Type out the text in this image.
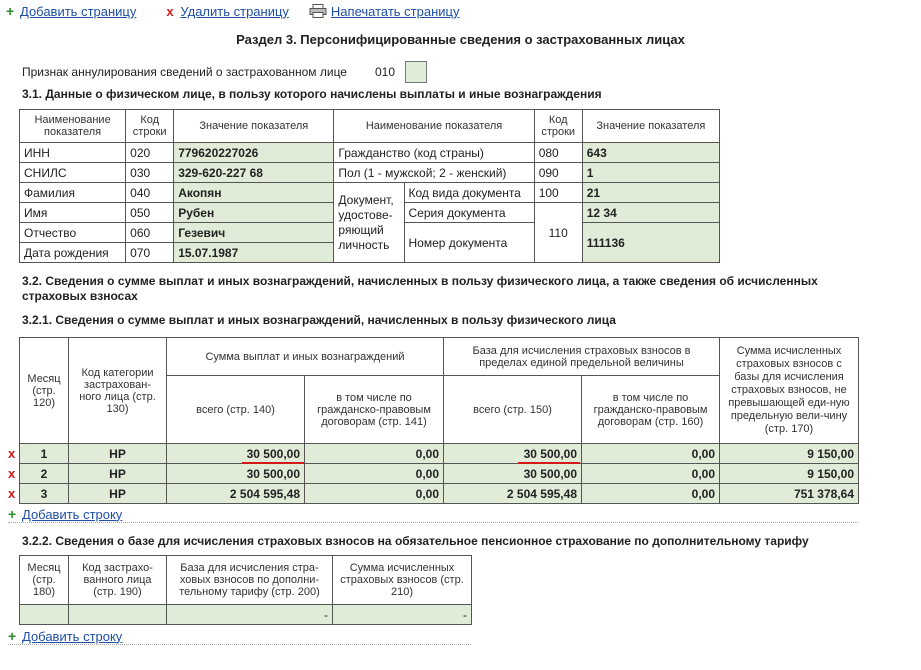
+ Добавить страницу x Удалить страницу	Напечатать страницу
Раздел 3. Персонифицированные сведения о застрахованных лицах
Признак аннулирования сведений о застрахованном лице 010
3.1. Данные о физическом лице, в пользу которого начислены выплаты и иные вознаграждения
Наименование показателя	Код строки	Значение показателя	Наименование показателя		Код строки	Значение показателя
ИНН	020	779620227026	Гражданство (код страны)		080	643
СНИЛС	030	329-620-227 68	Пол (1 - мужской; 2 - женский)		090	1
Фамилия	040	Акопян	Документ, удостове-ряющий личность	Код вида документа	100	21
Имя	050	Рубен		Серия документа	110	12 34
Отчество	060	Гезевич		Номер документа		111136
Дата рождения	070	15.07.1987				
3.2. Сведения о сумме выплат и иных вознаграждений, начисленных в пользу физического лица, а также сведения об исчисленных
страховых взносах
3.2.1. Сведения о сумме выплат и иных вознаграждений, начисленных в пользу физического лица
Месяц (стр. 120)	Код категории застрахован-ного лица (стр. 130)	Сумма выплат и иных вознаграждений		База для исчисления страховых взносов в пределах единой предельной величины		Сумма исчисленных страховых взносов с базы для исчисления страховых взносов, не превышающей еди-ную предельную вели-чину (стр. 170)
		всего (стр. 140)	в том числе по гражданско-правовым договорам (стр. 141)	всего (стр. 150)	в том числе по гражданско-правовым договорам (стр. 160)	
1	НР	30 500,00	0,00	30 500,00	0,00	9 150,00
2	НР	30 500,00	0,00	30 500,00	0,00	9 150,00
3	НР	2 504 595,48	0,00	2 504 595,48	0,00	751 378,64
x
x
x
+ Добавить строку
3.2.2. Сведения о базе для исчисления страховых взносов на обязательное пенсионное страхование по дополнительному тарифу
Месяц (стр. 180)	Код застрахо-ванного лица (стр. 190)	База для исчисления стра-ховых взносов по дополни-тельному тарифу (стр. 200)	Сумма исчисленных страховых взносов (стр. 210)
		-	-
+ Добавить строку
